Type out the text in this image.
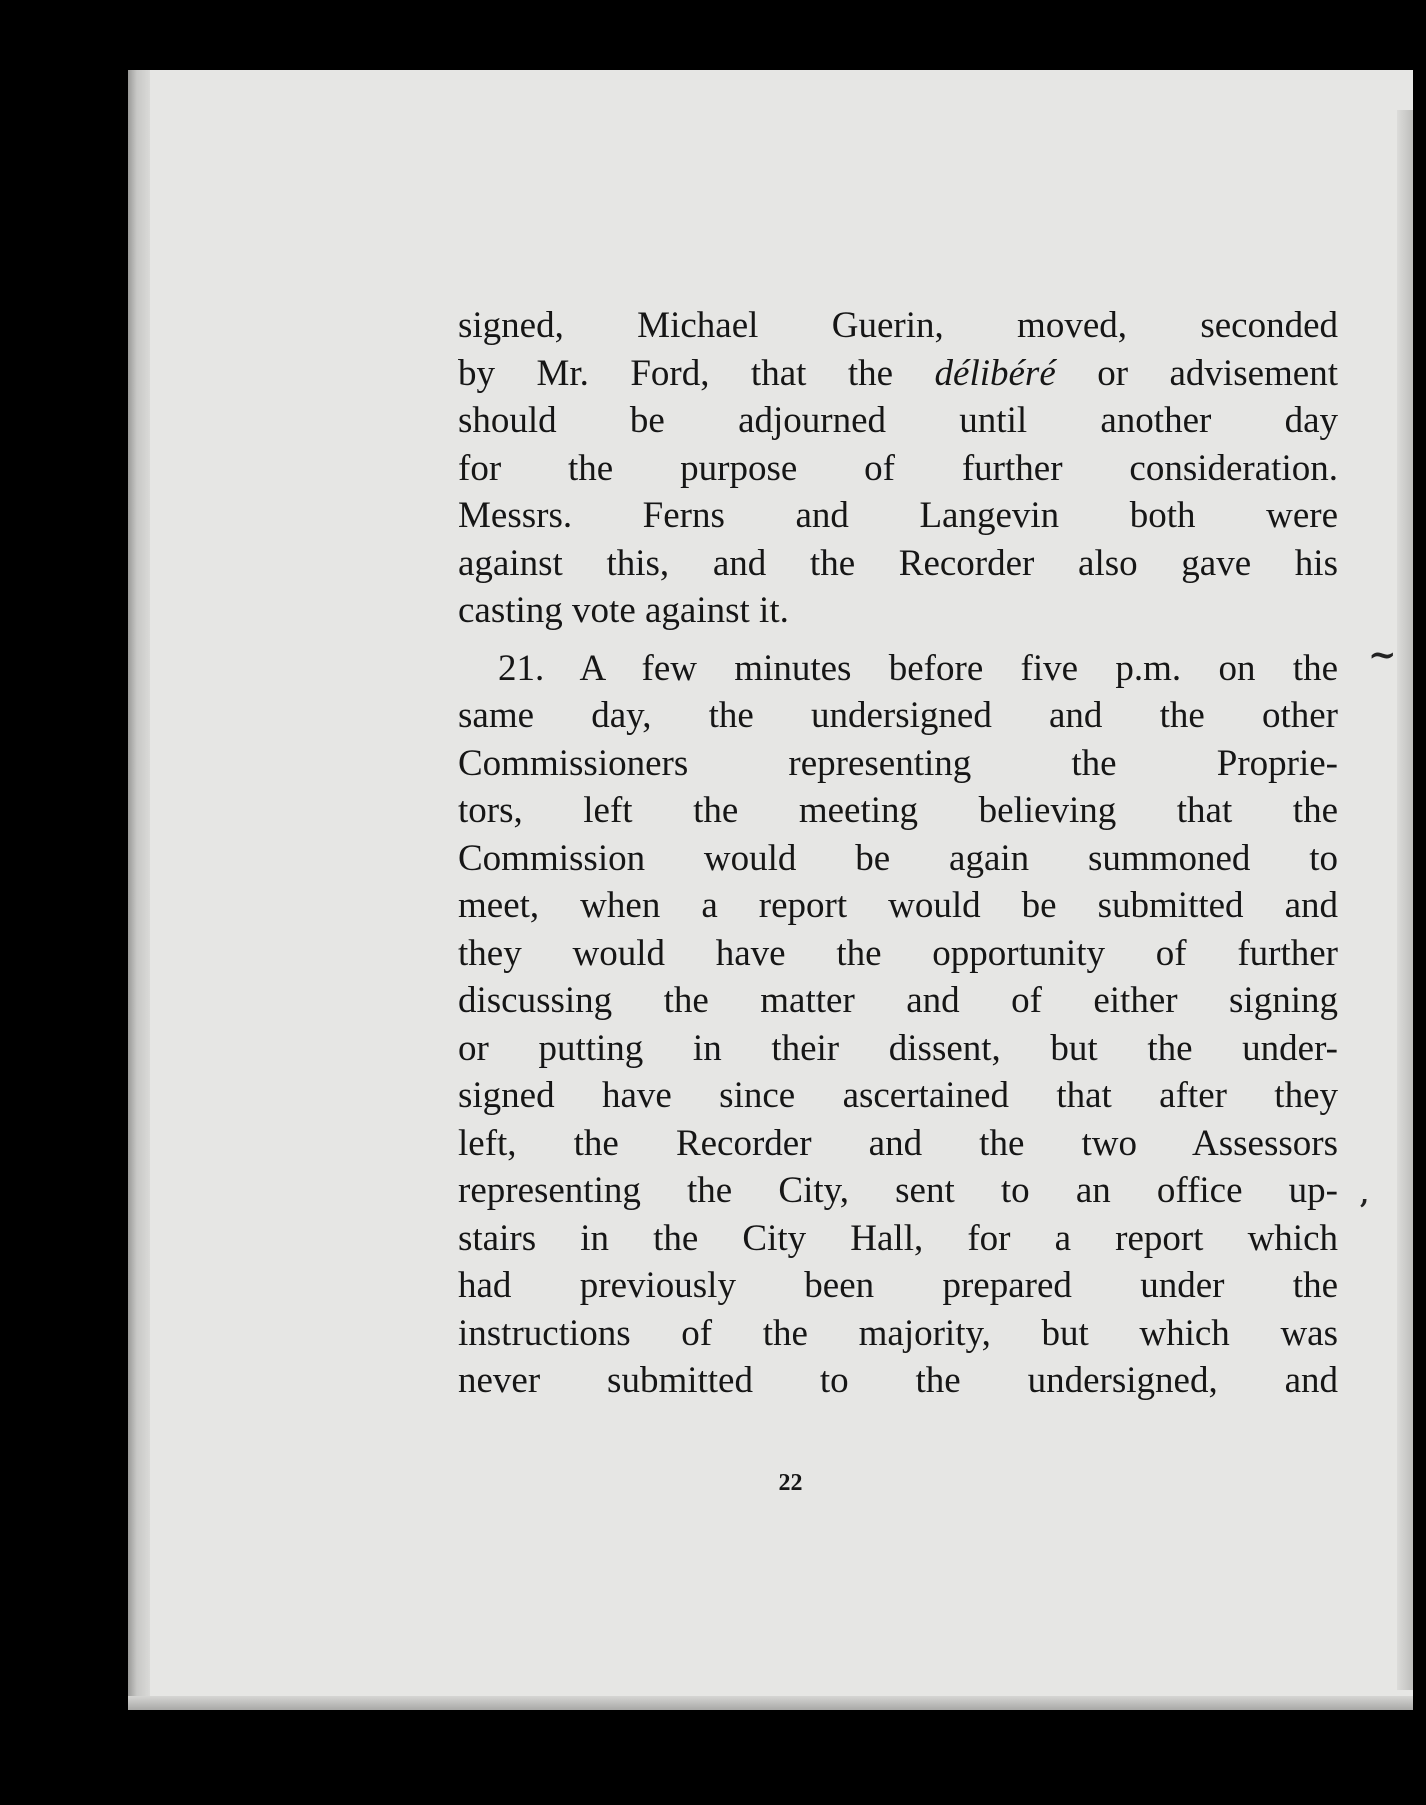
signed, Michael Guerin, moved, seconded
by Mr. Ford, that the délibéré or advisement
should be adjourned until another day
for the purpose of further consideration.
Messrs. Ferns and Langevin both were
against this, and the Recorder also gave his
casting vote against it.
21. A few minutes before five p.m. on the
same day, the undersigned and the other
Commissioners representing the Proprie-
tors, left the meeting believing that the
Commission would be again summoned to
meet, when a report would be submitted and
they would have the opportunity of further
discussing the matter and of either signing
or putting in their dissent, but the under-
signed have since ascertained that after they
left, the Recorder and the two Assessors
representing the City, sent to an office up-
stairs in the City Hall, for a report which
had previously been prepared under the
instructions of the majority, but which was
never submitted to the undersigned, and
22
~
,
